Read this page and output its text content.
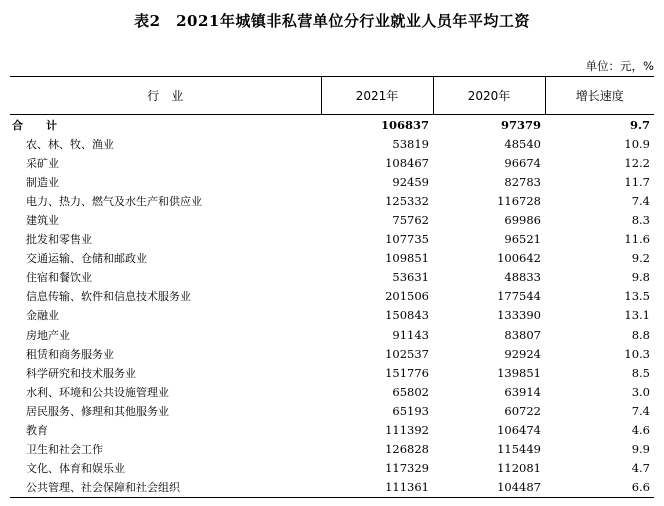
表2　2021年城镇非私营单位分行业就业人员年平均工资
单位：元，%
行　业	2021年	2020年	增长速度
合　计	106837	97379	9.7
农、林、牧、渔业	53819	48540	10.9
采矿业	108467	96674	12.2
制造业	92459	82783	11.7
电力、热力、燃气及水生产和供应业	125332	116728	7.4
建筑业	75762	69986	8.3
批发和零售业	107735	96521	11.6
交通运输、仓储和邮政业	109851	100642	9.2
住宿和餐饮业	53631	48833	9.8
信息传输、软件和信息技术服务业	201506	177544	13.5
金融业	150843	133390	13.1
房地产业	91143	83807	8.8
租赁和商务服务业	102537	92924	10.3
科学研究和技术服务业	151776	139851	8.5
水利、环境和公共设施管理业	65802	63914	3.0
居民服务、修理和其他服务业	65193	60722	7.4
教育	111392	106474	4.6
卫生和社会工作	126828	115449	9.9
文化、体育和娱乐业	117329	112081	4.7
公共管理、社会保障和社会组织	111361	104487	6.6
